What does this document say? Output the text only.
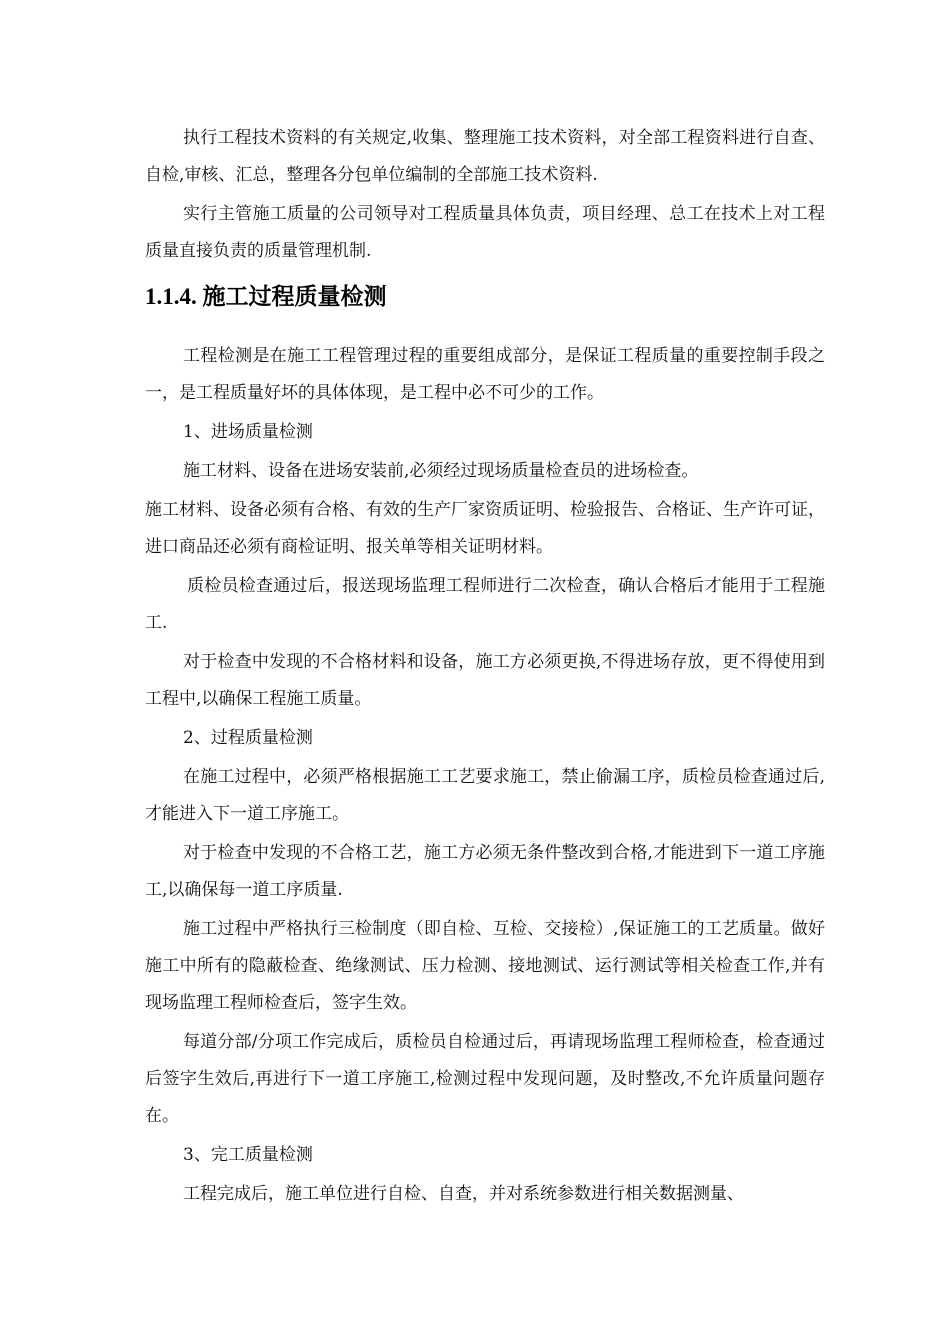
执行工程技术资料的有关规定,收集、整理施工技术资料，对全部工程资料进行自查、自检,审核、汇总，整理各分包单位编制的全部施工技术资料.

实行主管施工质量的公司领导对工程质量具体负责，项目经理、总工在技术上对工程质量直接负责的质量管理机制.

1.1.4. 施工过程质量检测

工程检测是在施工工程管理过程的重要组成部分，是保证工程质量的重要控制手段之一，是工程质量好坏的具体体现，是工程中必不可少的工作。

1、进场质量检测

施工材料、设备在进场安装前,必须经过现场质量检查员的进场检查。

施工材料、设备必须有合格、有效的生产厂家资质证明、检验报告、合格证、生产许可证，进口商品还必须有商检证明、报关单等相关证明材料。

质检员检查通过后，报送现场监理工程师进行二次检查，确认合格后才能用于工程施工.

对于检查中发现的不合格材料和设备，施工方必须更换,不得进场存放，更不得使用到工程中,以确保工程施工质量。

2、过程质量检测

在施工过程中，必须严格根据施工工艺要求施工，禁止偷漏工序，质检员检查通过后,才能进入下一道工序施工。

对于检查中发现的不合格工艺，施工方必须无条件整改到合格,才能进到下一道工序施工,以确保每一道工序质量.

施工过程中严格执行三检制度（即自检、互检、交接检）,保证施工的工艺质量。做好施工中所有的隐蔽检查、绝缘测试、压力检测、接地测试、运行测试等相关检查工作,并有现场监理工程师检查后，签字生效。

每道分部/分项工作完成后，质检员自检通过后，再请现场监理工程师检查，检查通过后签字生效后,再进行下一道工序施工,检测过程中发现问题，及时整改,不允许质量问题存在。

3、完工质量检测

工程完成后，施工单位进行自检、自查，并对系统参数进行相关数据测量、
